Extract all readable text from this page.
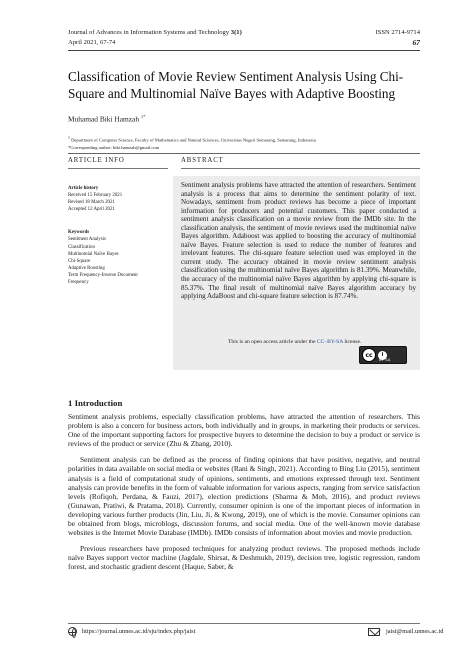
Journal of Advances in Information Systems and Technology 3(1)
April 2021, 67-74
ISSN 2714-9714
67
Classification of Movie Review Sentiment Analysis Using Chi-Square and Multinomial Naïve Bayes with Adaptive Boosting
Muhamad Biki Hamzah $^{1*}$
$^1$ Department of Computer Science, Faculty of Mathematics and Natural Sciences, Universitas Negeri Semarang, Semarang, Indonesia
*Corresponding author: biki.hamzah@gmail.com
ARTICLE INFO	ABSTRACT
Article history
Received 15 February 2021
Revised 18 March 2021
Accepted 12 April 2021
Keywords
Sentiment Analysis
Classification
Multinomial Naïve Bayes
Chi-Square
Adaptive Boosting
Term Frequency-Inverse Document
Frequency
Sentiment analysis problems have attracted the attention of researchers. Sentiment analysis is a process that aims to determine the sentiment polarity of text. Nowadays, sentiment from product reviews has become a piece of important information for producers and potential customers. This paper conducted a sentiment analysis classification on a movie review from the IMDb site. In the classification analysis, the sentiment of movie reviews used the multinomial naïve Bayes algorithm. Adaboost was applied to boosting the accuracy of multinomial naïve Bayes. Feature selection is used to reduce the number of features and irrelevant features. The chi-square feature selection used was employed in the current study. The accuracy obtained in movie review sentiment analysis classification using the multinomial naïve Bayes algorithm is 81.39%. Meanwhile, the accuracy of the multinomial naïve Bayes algorithm by applying chi-square is 85.37%. The final result of multinomial naïve Bayes algorithm accuracy by applying AdaBoost and chi-square feature selection is 87.74%.
This is an open access article under the CC–BY-SA license.
cc	i
BY SA
1 Introduction

Sentiment analysis problems, especially classification problems, have attracted the attention of researchers. This problem is also a concern for business actors, both individually and in groups, in marketing their products or services. One of the important supporting factors for prospective buyers to determine the decision to buy a product or service is reviews of the product or service (Zhu & Zhang, 2010).

Sentiment analysis can be defined as the process of finding opinions that have positive, negative, and neutral polarities in data available on social media or websites (Rani & Singh, 2021). According to Bing Liu (2015), sentiment analysis is a field of computational study of opinions, sentiments, and emotions expressed through text. Sentiment analysis can provide benefits in the form of valuable information for various aspects, ranging from service satisfaction levels (Rofiqoh, Perdana, & Fauzi, 2017), election predictions (Sharma & Moh, 2016), and product reviews (Gunawan, Pratiwi, & Pratama, 2018). Currently, consumer opinion is one of the important pieces of information in developing various further products (Jin, Liu, Ji, & Kwong, 2019), one of which is the movie. Consumer opinions can be obtained from blogs, microblogs, discussion forums, and social media. One of the well-known movie database websites is the Internet Movie Database (IMDb). IMDb consists of information about movies and movie production.

Previous researchers have proposed techniques for analyzing product reviews. The proposed methods include naïve Bayes support vector machine (Jagdale, Shirsat, & Deshmukh, 2019), decision tree, logistic regression, random forest, and stochastic gradient descent (Haque, Saber, &

https://journal.unnes.ac.id/sju/index.php/jaist	jaist@mail.unnes.ac.id
